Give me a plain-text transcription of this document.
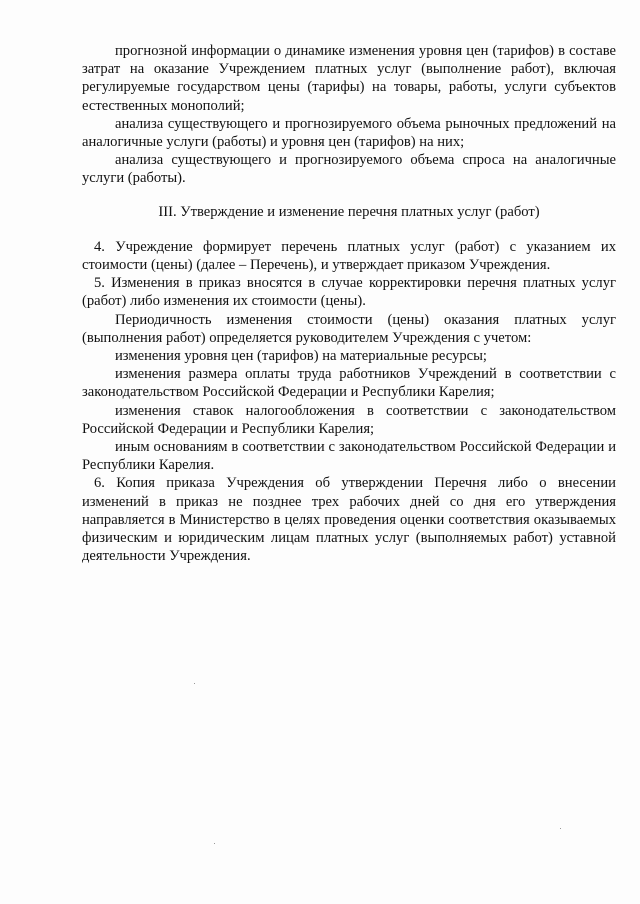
прогнозной информации о динамике изменения уровня цен (тарифов) в составе затрат на оказание Учреждением платных услуг (выполнение работ), включая регулируемые государством цены (тарифы) на товары, работы, услуги субъектов естественных монополий;

анализа существующего и прогнозируемого объема рыночных предложений на аналогичные услуги (работы) и уровня цен (тарифов) на них;

анализа существующего и прогнозируемого объема спроса на аналогичные услуги (работы).

III. Утверждение и изменение перечня платных услуг (работ)

4. Учреждение формирует перечень платных услуг (работ) с указанием их стоимости (цены) (далее – Перечень), и утверждает приказом Учреждения.

5. Изменения в приказ вносятся в случае корректировки перечня платных услуг (работ) либо изменения их стоимости (цены).

Периодичность изменения стоимости (цены) оказания платных услуг (выполнения работ) определяется руководителем Учреждения с учетом:

изменения уровня цен (тарифов) на материальные ресурсы;

изменения размера оплаты труда работников Учреждений в соответствии с законодательством Российской Федерации и Республики Карелия;

изменения ставок налогообложения в соответствии с законодательством Российской Федерации и Республики Карелия;

иным основаниям в соответствии с законодательством Российской Федерации и Республики Карелия.

6. Копия приказа Учреждения об утверждении Перечня либо о внесении изменений в приказ не позднее трех рабочих дней со дня его утверждения направляется в Министерство в целях проведения оценки соответствия оказываемых физическим и юридическим лицам платных услуг (выполняемых работ) уставной деятельности Учреждения.
